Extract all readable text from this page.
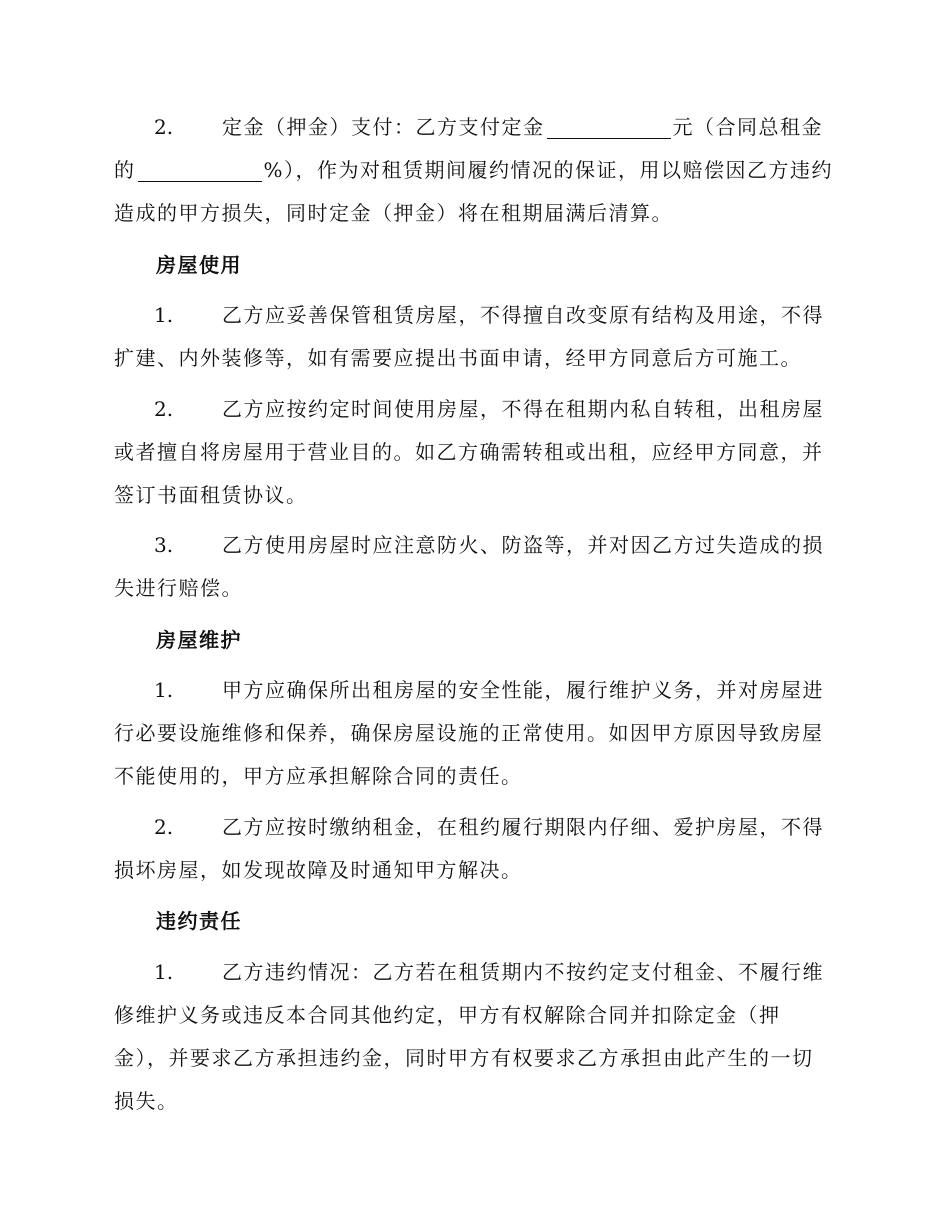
2. 定金（押金）支付：乙方支付定金	元（合同总租金的	%），作为对租赁期间履约情况的保证，用以赔偿因乙方违约造成的甲方损失，同时定金（押金）将在租期届满后清算。
房屋使用
1. 乙方应妥善保管租赁房屋，不得擅自改变原有结构及用途，不得扩建、内外装修等，如有需要应提出书面申请，经甲方同意后方可施工。
2. 乙方应按约定时间使用房屋，不得在租期内私自转租，出租房屋或者擅自将房屋用于营业目的。如乙方确需转租或出租，应经甲方同意，并签订书面租赁协议。
3. 乙方使用房屋时应注意防火、防盗等，并对因乙方过失造成的损失进行赔偿。
房屋维护
1. 甲方应确保所出租房屋的安全性能，履行维护义务，并对房屋进行必要设施维修和保养，确保房屋设施的正常使用。如因甲方原因导致房屋不能使用的，甲方应承担解除合同的责任。
2. 乙方应按时缴纳租金，在租约履行期限内仔细、爱护房屋，不得损坏房屋，如发现故障及时通知甲方解决。
违约责任
1. 乙方违约情况：乙方若在租赁期内不按约定支付租金、不履行维修维护义务或违反本合同其他约定，甲方有权解除合同并扣除定金（押金），并要求乙方承担违约金，同时甲方有权要求乙方承担由此产生的一切损失。
